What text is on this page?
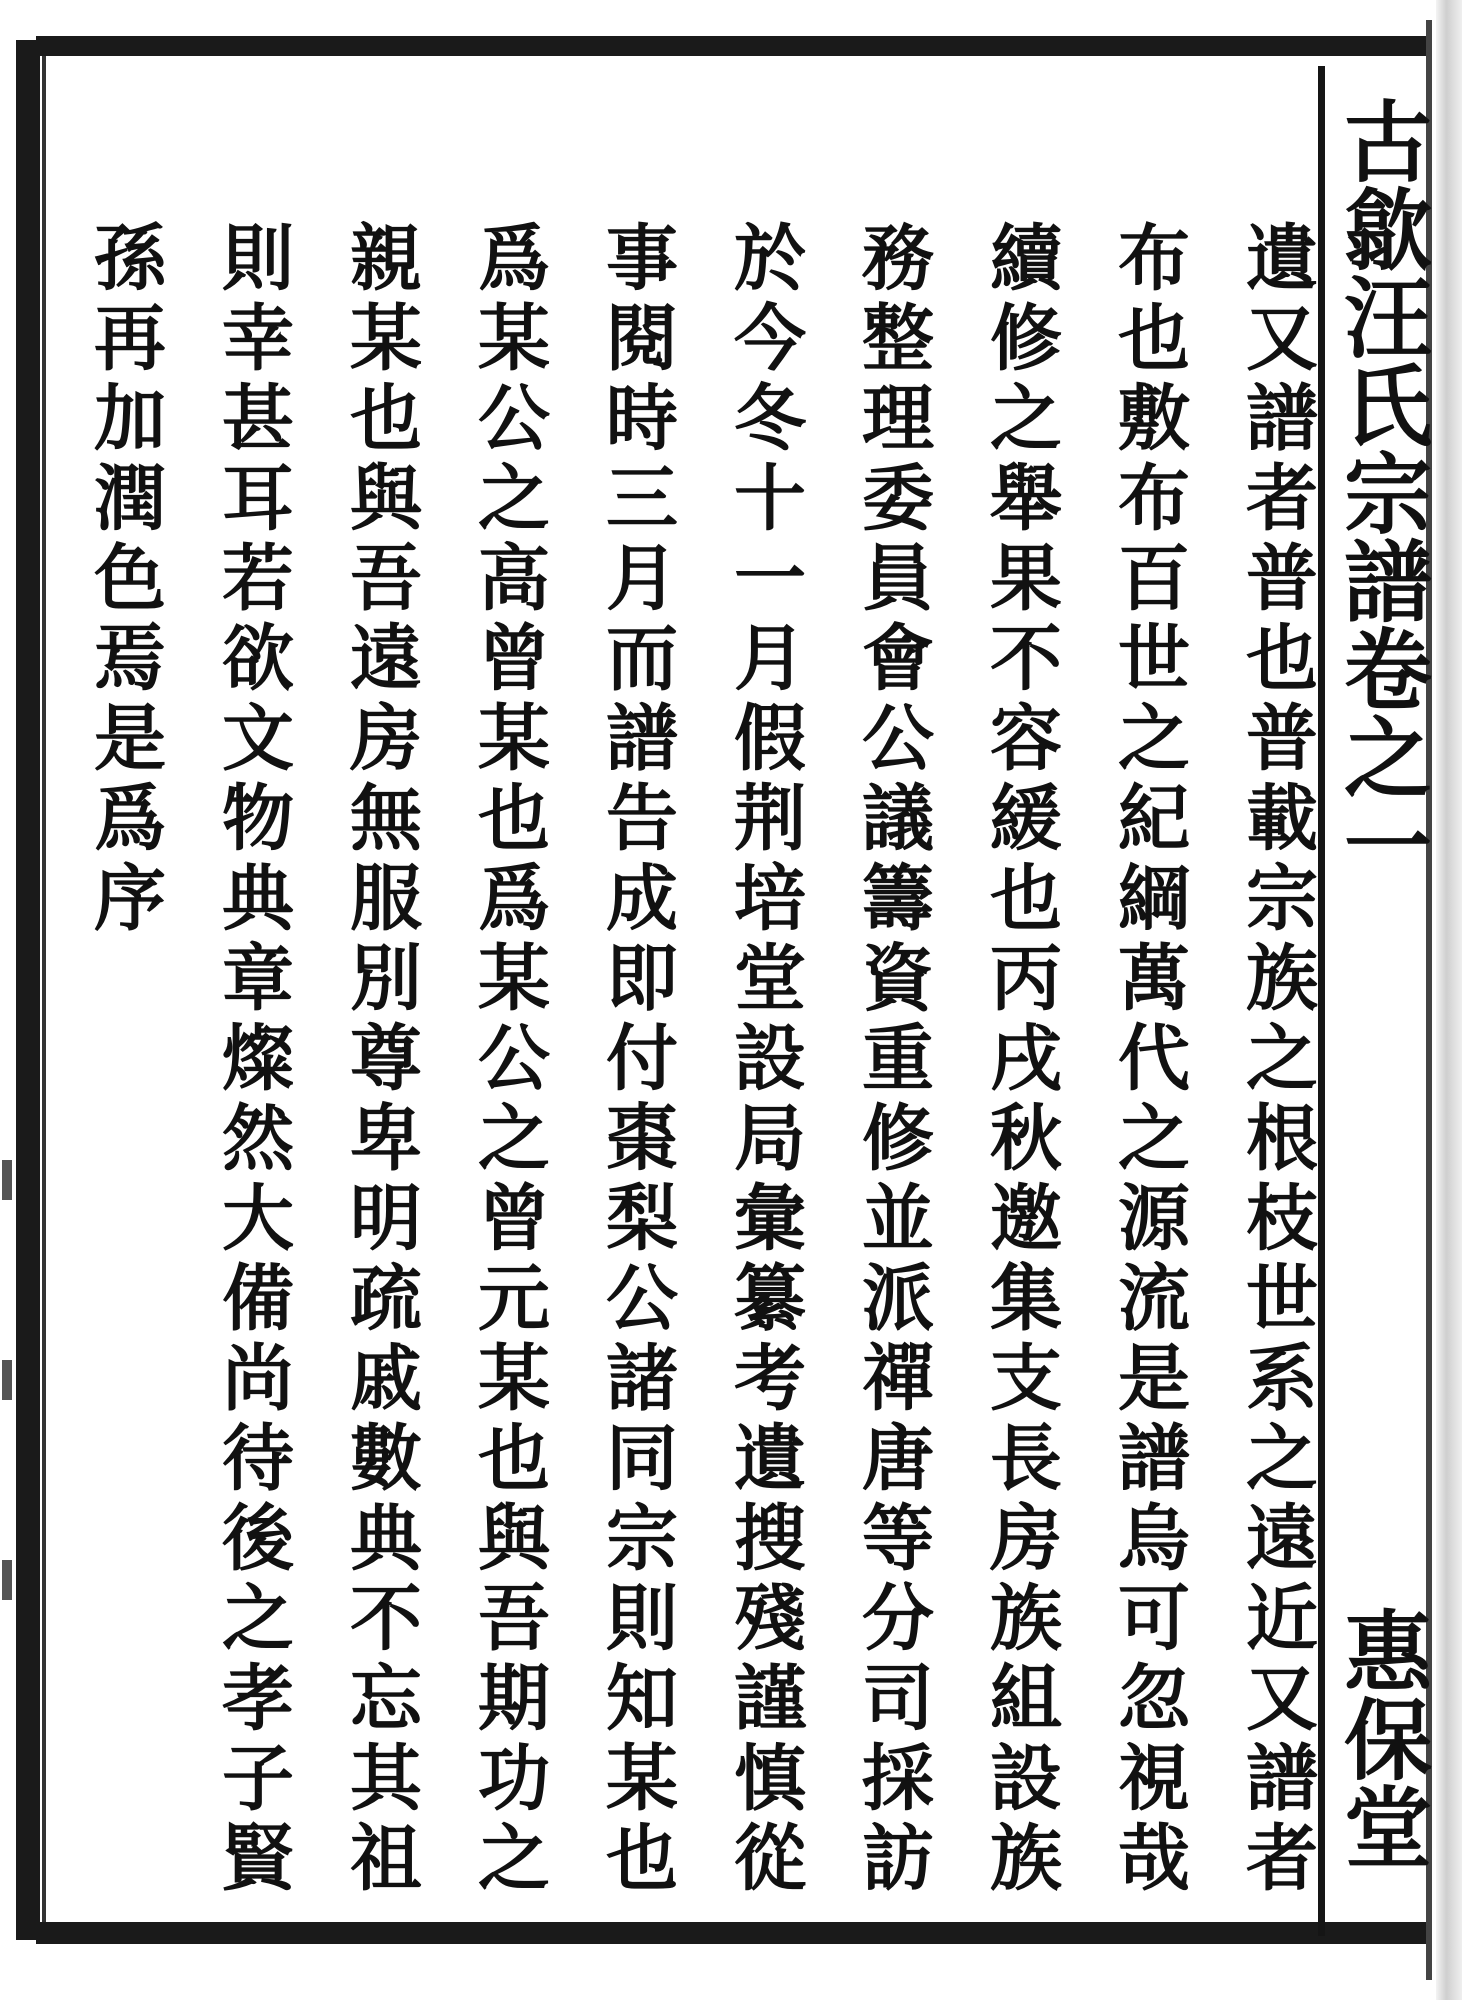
古歙汪氏宗譜卷之一
惠保堂

遺又譜者普也普載宗族之根枝世系之遠近又譜者布也敷布百世之紀綱萬代之源流是譜烏可忽視哉續修之舉果不容緩也丙戌秋邀集支長房族組設族務整理委員會公議籌資重修並派禪唐等分司採訪於今冬十一月假荆培堂設局彙纂考遺搜殘謹慎從事閱時三月而譜告成即付棗梨公諸同宗則知某也爲某公之高曾某也爲某公之曾元某也與吾期功之親某也與吾遠房無服別尊卑明疏戚數典不忘其祖則幸甚耳若欲文物典章燦然大備尚待後之孝子賢孫再加潤色焉是爲序
